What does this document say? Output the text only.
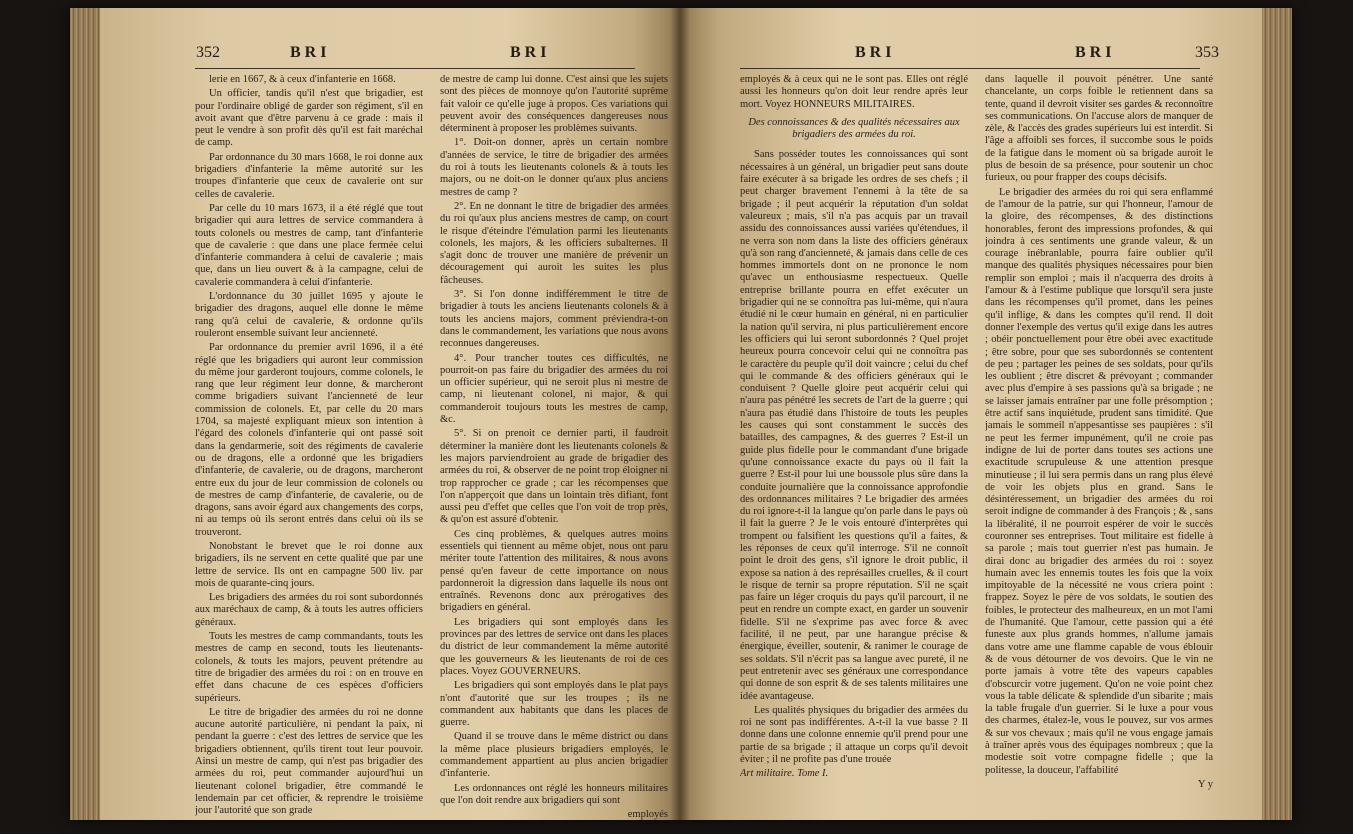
352	B R I	B R I

lerie en 1667, & à ceux d'infanterie en 1668.

Un officier, tandis qu'il n'est que brigadier, est pour l'ordinaire obligé de garder son régiment, s'il en avoit avant que d'être parvenu à ce grade : mais il peut le vendre à son profit dès qu'il est fait maréchal de camp.

Par ordonnance du 30 mars 1668, le roi donne aux brigadiers d'infanterie la même autorité sur les troupes d'infanterie que ceux de cavalerie ont sur celles de cavalerie.

Par celle du 10 mars 1673, il a été réglé que tout brigadier qui aura lettres de service commandera à touts colonels ou mestres de camp, tant d'infanterie que de cavalerie : que dans une place fermée celui d'infanterie commandera à celui de cavalerie ; mais que, dans un lieu ouvert & à la campagne, celui de cavalerie commandera à celui d'infanterie.

L'ordonnance du 30 juillet 1695 y ajoute le brigadier des dragons, auquel elle donne le même rang qu'à celui de cavalerie, & ordonne qu'ils rouleront ensemble suivant leur ancienneté.

Par ordonnance du premier avril 1696, il a été réglé que les brigadiers qui auront leur commission du même jour garderont toujours, comme colonels, le rang que leur régiment leur donne, & marcheront comme brigadiers suivant l'ancienneté de leur commission de colonels. Et, par celle du 20 mars 1704, sa majesté expliquant mieux son intention à l'égard des colonels d'infanterie qui ont passé soit dans la gendarmerie, soit des régiments de cavalerie ou de dragons, elle a ordonné que les brigadiers d'infanterie, de cavalerie, ou de dragons, marcheront entre eux du jour de leur commission de colonels ou de mestres de camp d'infanterie, de cavalerie, ou de dragons, sans avoir égard aux changements des corps, ni au temps où ils seront entrés dans celui où ils se trouveront.

Nonobstant le brevet que le roi donne aux brigadiers, ils ne servent en cette qualité que par une lettre de service. Ils ont en campagne 500 liv. par mois de quarante-cinq jours.

Les brigadiers des armées du roi sont subordonnés aux maréchaux de camp, & à touts les autres officiers généraux.

Touts les mestres de camp commandants, touts les mestres de camp en second, touts les lieutenants-colonels, & touts les majors, peuvent prétendre au titre de brigadier des armées du roi : on en trouve en effet dans chacune de ces espèces d'officiers supérieurs.

Le titre de brigadier des armées du roi ne donne aucune autorité particulière, ni pendant la paix, ni pendant la guerre : c'est des lettres de service que les brigadiers obtiennent, qu'ils tirent tout leur pouvoir. Ainsi un mestre de camp, qui n'est pas brigadier des armées du roi, peut commander aujourd'hui un lieutenant colonel brigadier, être commandé le lendemain par cet officier, & reprendre le troisième jour l'autorité que son grade

de mestre de camp lui donne. C'est ainsi que les sujets sont des pièces de monnoye qu'on l'autorité suprême fait valoir ce qu'elle juge à propos. Ces variations qui peuvent avoir des conséquences dangereuses nous déterminent à proposer les problèmes suivants.

1°. Doit-on donner, après un certain nombre d'années de service, le titre de brigadier des armées du roi à touts les lieutenants colonels & à touts les majors, ou ne doit-on le donner qu'aux plus anciens mestres de camp ?

2°. En ne donnant le titre de brigadier des armées du roi qu'aux plus anciens mestres de camp, on court le risque d'éteindre l'émulation parmi les lieutenants colonels, les majors, & les officiers subalternes. Il s'agit donc de trouver une manière de prévenir un découragement qui auroit les suites les plus fâcheuses.

3°. Si l'on donne indifféremment le titre de brigadier à touts les anciens lieutenants colonels & à touts les anciens majors, comment préviendra-t-on dans le commandement, les variations que nous avons reconnues dangereuses.

4°. Pour trancher toutes ces difficultés, ne pourroit-on pas faire du brigadier des armées du roi un officier supérieur, qui ne seroit plus ni mestre de camp, ni lieutenant colonel, ni major, & qui commanderoit toujours touts les mestres de camp, &c.

5°. Si on prenoit ce dernier parti, il faudroit déterminer la manière dont les lieutenants colonels & les majors parviendroient au grade de brigadier des armées du roi, & observer de ne point trop éloigner ni trop rapprocher ce grade ; car les récompenses que l'on n'apperçoit que dans un lointain très difiant, font aussi peu d'effet que celles que l'on voit de trop près, & qu'on est assuré d'obtenir.

Ces cinq problèmes, & quelques autres moins essentiels qui tiennent au même objet, nous ont paru mériter toute l'attention des militaires, & nous avons pensé qu'en faveur de cette importance on nous pardonneroit la digression dans laquelle ils nous ont entraînés. Revenons donc aux prérogatives des brigadiers en général.

Les brigadiers qui sont employés dans les provinces par des lettres de service ont dans les places du district de leur commandement la même autorité que les gouverneurs & les lieutenants de roi de ces places. Voyez GOUVERNEURS.

Les brigadiers qui sont employés dans le plat pays n'ont d'autorité que sur les troupes ; ils ne commandent aux habitants que dans les places de guerre.

Quand il se trouve dans le même district ou dans la même place plusieurs brigadiers employés, le commandement appartient au plus ancien brigadier d'infanterie.

Les ordonnances ont réglé les honneurs militaires que l'on doit rendre aux brigadiers qui sont

employés

B R I	B R I	353

employés & à ceux qui ne le sont pas. Elles ont réglé aussi les honneurs qu'on doit leur rendre après leur mort. Voyez HONNEURS MILITAIRES.

Des connoissances & des qualités nécessaires aux brigadiers des armées du roi.

Sans posséder toutes les connoissances qui sont nécessaires à un général, un brigadier peut sans doute faire exécuter à sa brigade les ordres de ses chefs ; il peut charger bravement l'ennemi à la tête de sa brigade ; il peut acquérir la réputation d'un soldat valeureux ; mais, s'il n'a pas acquis par un travail assidu des connoissances aussi variées qu'étendues, il ne verra son nom dans la liste des officiers généraux qu'à son rang d'ancienneté, & jamais dans celle de ces hommes immortels dont on ne prononce le nom qu'avec un enthousiasme respectueux. Quelle entreprise brillante pourra en effet exécuter un brigadier qui ne se connoîtra pas lui-même, qui n'aura étudié ni le cœur humain en général, ni en particulier la nation qu'il servira, ni plus particulièrement encore les officiers qui lui seront subordonnés ? Quel projet heureux pourra concevoir celui qui ne connoîtra pas le caractère du peuple qu'il doit vaincre ; celui du chef qui le commande & des officiers généraux qui le conduisent ? Quelle gloire peut acquérir celui qui n'aura pas pénétré les secrets de l'art de la guerre ; qui n'aura pas étudié dans l'histoire de touts les peuples les causes qui sont constamment le succès des batailles, des campagnes, & des guerres ? Est-il un guide plus fidelle pour le commandant d'une brigade qu'une connoissance exacte du pays où il fait la guerre ? Est-il pour lui une boussole plus sûre dans la conduite journalière que la connoissance approfondie des ordonnances militaires ? Le brigadier des armées du roi ignore-t-il la langue qu'on parle dans le pays où il fait la guerre ? Je le vois entouré d'interprètes qui trompent ou falsifient les questions qu'il a faites, & les réponses de ceux qu'il interroge. S'il ne connoît point le droit des gens, s'il ignore le droit public, il expose sa nation à des représailles cruelles, & il court le risque de ternir sa propre réputation. S'il ne sçait pas faire un léger croquis du pays qu'il parcourt, il ne peut en rendre un compte exact, en garder un souvenir fidelle. S'il ne s'exprime pas avec force & avec facilité, il ne peut, par une harangue précise & énergique, éveiller, soutenir, & ranimer le courage de ses soldats. S'il n'écrit pas sa langue avec pureté, il ne peut entretenir avec ses généraux une correspondance qui donne de son esprit & de ses talents militaires une idée avantageuse.

Les qualités physiques du brigadier des armées du roi ne sont pas indifférentes. A-t-il la vue basse ? Il donne dans une colonne ennemie qu'il prend pour une partie de sa brigade ; il attaque un corps qu'il devoit éviter ; il ne profite pas d'une trouée

Art militaire. Tome I.

dans laquelle il pouvoit pénétrer. Une santé chancelante, un corps foible le retiennent dans sa tente, quand il devroit visiter ses gardes & reconnoître ses communications. On l'accuse alors de manquer de zèle, & l'accès des grades supérieurs lui est interdit. Si l'âge a affoibli ses forces, il succombe sous le poids de la fatigue dans le moment où sa brigade auroit le plus de besoin de sa présence, pour soutenir un choc furieux, ou pour frapper des coups décisifs.

Le brigadier des armées du roi qui sera enflammé de l'amour de la patrie, sur qui l'honneur, l'amour de la gloire, des récompenses, & des distinctions honorables, feront des impressions profondes, & qui joindra à ces sentiments une grande valeur, & un courage inébranlable, pourra faire oublier qu'il manque des qualités physiques nécessaires pour bien remplir son emploi ; mais il n'acquerra des droits à l'amour & à l'estime publique que lorsqu'il sera juste dans les récompenses qu'il promet, dans les peines qu'il inflige, & dans les comptes qu'il rend. Il doit donner l'exemple des vertus qu'il exige dans les autres ; obéir ponctuellement pour être obéi avec exactitude ; être sobre, pour que ses subordonnés se contentent de peu ; partager les peines de ses soldats, pour qu'ils les oublient ; être discret & prévoyant ; commander avec plus d'empire à ses passions qu'à sa brigade ; ne se laisser jamais entraîner par une folle présomption ; être actif sans inquiétude, prudent sans timidité. Que jamais le sommeil n'appesantisse ses paupières : s'il ne peut les fermer impunément, qu'il ne croie pas indigne de lui de porter dans toutes ses actions une exactitude scrupuleuse & une attention presque minutieuse ; il lui sera permis dans un rang plus élevé de voir les objets plus en grand. Sans le désintéressement, un brigadier des armées du roi seroit indigne de commander à des François ; & , sans la libéralité, il ne pourroit espérer de voir le succès couronner ses entreprises. Tout militaire est fidelle à sa parole ; mais tout guerrier n'est pas humain. Je dirai donc au brigadier des armées du roi : soyez humain avec les ennemis toutes les fois que la voix impitoyable de la nécessité ne vous criera point : frappez. Soyez le père de vos soldats, le soutien des foibles, le protecteur des malheureux, en un mot l'ami de l'humanité. Que l'amour, cette passion qui a été funeste aux plus grands hommes, n'allume jamais dans votre ame une flamme capable de vous éblouir & de vous détourner de vos devoirs. Que le vin ne porte jamais à votre tête des vapeurs capables d'obscurcir votre jugement. Qu'on ne voie point chez vous la table délicate & splendide d'un sibarite ; mais la table frugale d'un guerrier. Si le luxe a pour vous des charmes, étalez-le, vous le pouvez, sur vos armes & sur vos chevaux ; mais qu'il ne vous engage jamais à traîner après vous des équipages nombreux ; que la modestie soit votre compagne fidelle ; que la politesse, la douceur, l'affabilité

Y y
